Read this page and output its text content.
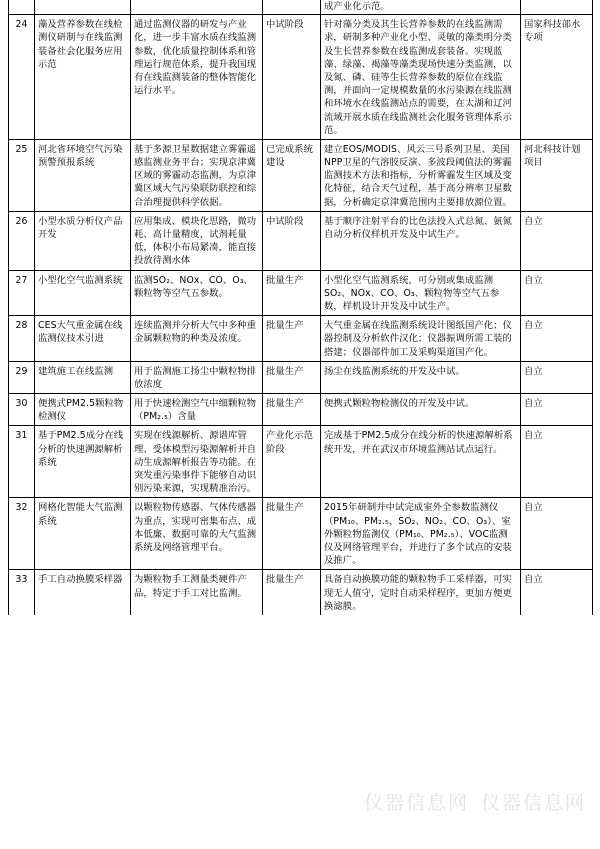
				成产业化示范。	
24	藻及营养参数在线检测仪研制与在线监测装备社会化服务应用示范	通过监测仪器的研发与产业化，进一步丰富水质在线监测参数，优化质量控制体系和管理运行规范体系，提升我国现有在线监测装备的整体智能化运行水平。	中试阶段	针对藻分类及其生长营养参数的在线监测需求，研制多种产业化小型、灵敏的藻类明分类及生长营养参数在线监测成套装备。实现蓝藻、绿藻、褐藻等藻类现场快速分类监测，以及氮、磷、硅等生长营养参数的原位在线监测，并面向一定规模数量的水污染源在线监测和环境水在线监测站点的需要，在太湖和辽河流域开展水质在线监测社会化服务管理体系示范。	国家科技部水专项
25	河北省环境空气污染预警预报系统	基于多源卫星数据建立雾霾遥感监测业务平台；实现京津冀区域的雾霾动态监测，为京津冀区域大气污染联防联控和综合治理提供科学依据。	已完成系统建设	建立EOS/MODIS、风云三号系列卫星、美国NPP卫星的气溶胶反演、多波段阈值法的雾霾监测技术方法和指标，分析雾霾发生区域及变化特征，结合天气过程，基于高分辨率卫星数据，分析确定京津冀范围内主要排放源位置。	河北科技计划项目
26	小型水质分析仪产品开发	应用集成、模块化思路，微功耗、高计量精度，试剂耗量低，体积小布局紧凑，能直接投放待测水体	中试阶段	基于顺序注射平台的比色法投入式总氮、氨氮自动分析仪样机开发及中试生产。	自立
27	小型化空气监测系统	监测SO₂、NOx、CO、O₃、颗粒物等空气五参数。	批量生产	小型化空气监测系统，可分别或集成监测SO₂、NOx、CO、O₃、颗粒物等空气五参数，样机设计开发及中试生产。	自立
28	CES大气重金属在线监测仪技术引进	连续监测并分析大气中多种重金属颗粒物的种类及浓度。	批量生产	大气重金属在线监测系统设计图纸国产化；仪器控制及分析软件汉化；仪器振调所需工装的搭建；仪器部件加工及采购渠道国产化。	自立
29	建筑施工在线监测	用于监测施工扬尘中颗粒物排放浓度	批量生产	扬尘在线监测系统的开发及中试。	自立
30	便携式PM2.5颗粒物检测仪	用于快速检测空气中细颗粒物（PM₂.₅）含量	批量生产	便携式颗粒物检测仪的开发及中试。	自立
31	基于PM2.5成分在线分析的快速溯源解析系统	实现在线源解析、源谱库管理、受体模型污染源解析并自动生成源解析报告等功能。在突发重污染事件下能够自动识别污染来源，实现精准治污。	产业化示范阶段	完成基于PM2.5成分在线分析的快速源解析系统开发，并在武汉市环境监测站试点运行。	自立
32	网格化智能大气监测系统	以颗粒物传感器、气体传感器为重点，实现可密集布点、成本低廉、数据可靠的大气监测系统及网络管理平台。	批量生产	2015年研制并中试完成室外全参数监测仪（PM₁₀、PM₂.₅、SO₂、NO₂、CO、O₃）、室外颗粒物监测仪（PM₁₀、PM₂.₅）、VOC监测仪及网络管理平台，并进行了多个试点的安装及推广。	自立
33	手工自动换膜采样器	为颗粒物手工测量类硬件产品，特定于手工对比监测。	批量生产	具备自动换膜功能的颗粒物手工采样器，可实现无人值守，定时自动采样程序，更加方便更换滤膜。	自立
仪器信息网 仪器信息网
